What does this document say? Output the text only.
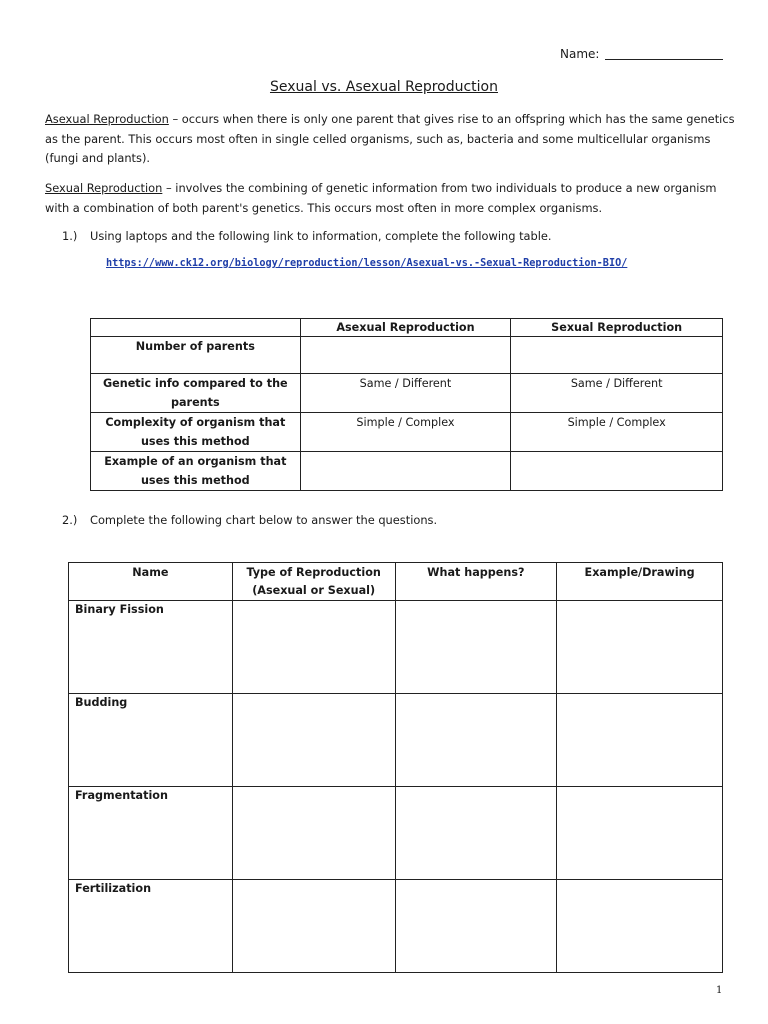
Name:
Sexual vs. Asexual Reproduction
Asexual Reproduction – occurs when there is only one parent that gives rise to an offspring which has the same genetics as the parent. This occurs most often in single celled organisms, such as, bacteria and some multicellular organisms (fungi and plants).
Sexual Reproduction – involves the combining of genetic information from two individuals to produce a new organism with a combination of both parent's genetics. This occurs most often in more complex organisms.
1.) Using laptops and the following link to information, complete the following table.
https://www.ck12.org/biology/reproduction/lesson/Asexual-vs.-Sexual-Reproduction-BIO/
	Asexual Reproduction	Sexual Reproduction
Number of parents		
Genetic info compared to the parents	Same / Different	Same / Different
Complexity of organism that uses this method	Simple / Complex	Simple / Complex
Example of an organism that uses this method		
2.) Complete the following chart below to answer the questions.
Name	Type of Reproduction (Asexual or Sexual)	What happens?	Example/Drawing
Binary Fission			
Budding			
Fragmentation			
Fertilization			
1
